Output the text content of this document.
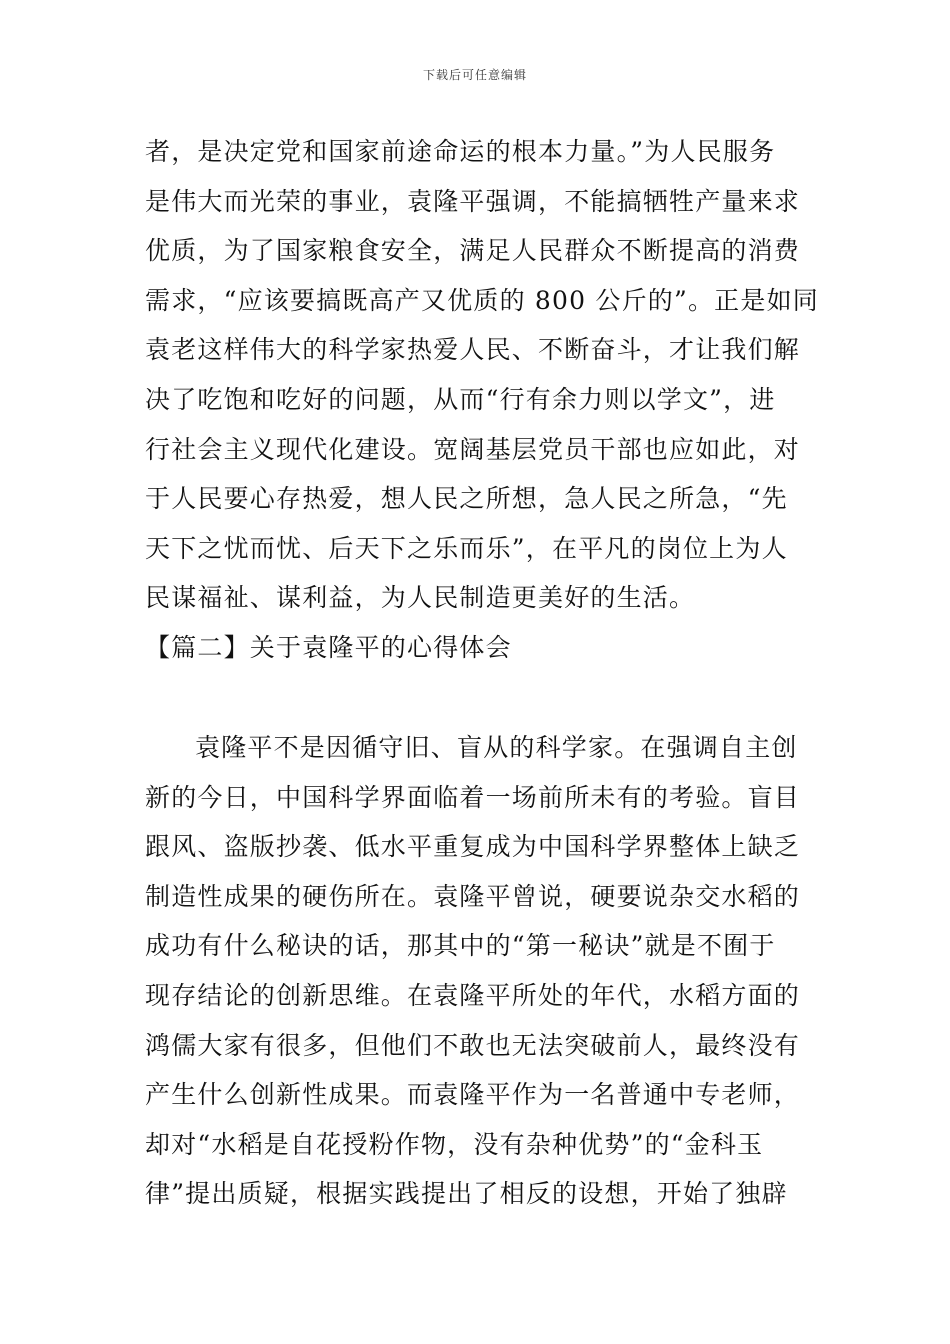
下载后可任意编辑
者，是决定党和国家前途命运的根本力量。”为人民服务
是伟大而光荣的事业，袁隆平强调，不能搞牺牲产量来求
优质，为了国家粮食安全，满足人民群众不断提高的消费
需求，“应该要搞既高产又优质的 800 公斤的”。正是如同
袁老这样伟大的科学家热爱人民、不断奋斗，才让我们解
决了吃饱和吃好的问题，从而“行有余力则以学文”，进
行社会主义现代化建设。宽阔基层党员干部也应如此，对
于人民要心存热爱，想人民之所想，急人民之所急，“先
天下之忧而忧、后天下之乐而乐”，在平凡的岗位上为人
民谋福祉、谋利益，为人民制造更美好的生活。
【篇二】关于袁隆平的心得体会
袁隆平不是因循守旧、盲从的科学家。在强调自主创
新的今日，中国科学界面临着一场前所未有的考验。盲目
跟风、盗版抄袭、低水平重复成为中国科学界整体上缺乏
制造性成果的硬伤所在。袁隆平曾说，硬要说杂交水稻的
成功有什么秘诀的话，那其中的“第一秘诀”就是不囿于
现存结论的创新思维。在袁隆平所处的年代，水稻方面的
鸿儒大家有很多，但他们不敢也无法突破前人，最终没有
产生什么创新性成果。而袁隆平作为一名普通中专老师，
却对“水稻是自花授粉作物，没有杂种优势”的“金科玉
律”提出质疑，根据实践提出了相反的设想，开始了独辟
